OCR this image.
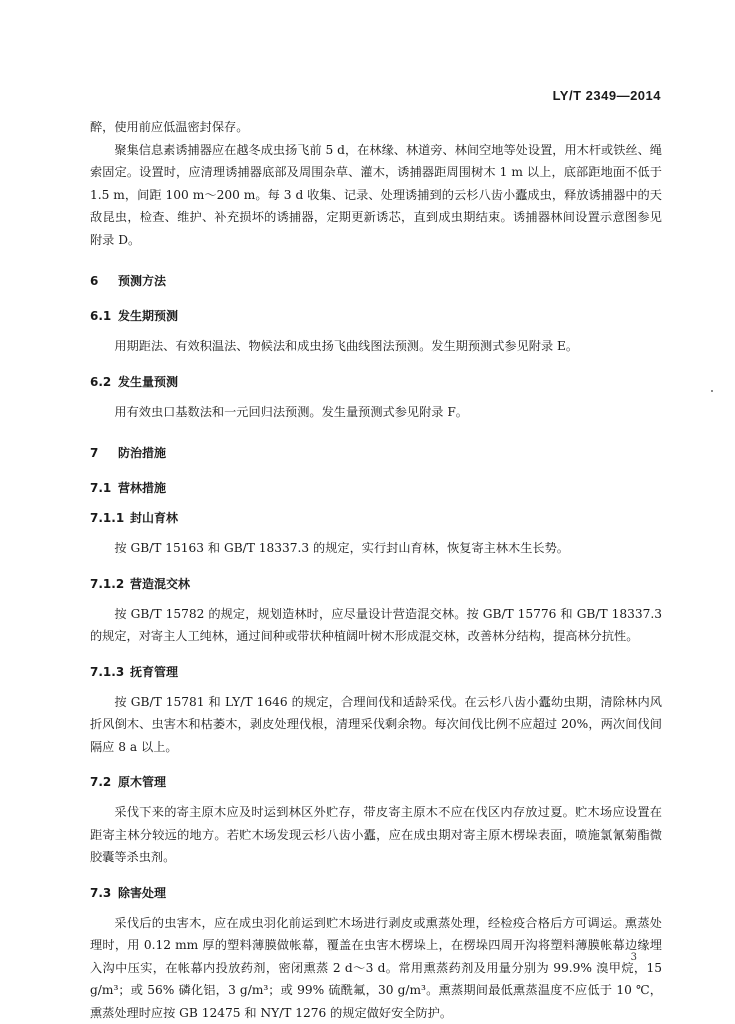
LY/T 2349—2014

醉，使用前应低温密封保存。

聚集信息素诱捕器应在越冬成虫扬飞前 5 d，在林缘、林道旁、林间空地等处设置，用木杆或铁丝、绳索固定。设置时，应清理诱捕器底部及周围杂草、灌木，诱捕器距周围树木 1 m 以上，底部距地面不低于 1.5 m，间距 100 m～200 m。每 3 d 收集、记录、处理诱捕到的云杉八齿小蠹成虫，释放诱捕器中的天敌昆虫，检查、维护、补充损坏的诱捕器，定期更新诱芯，直到成虫期结束。诱捕器林间设置示意图参见附录 D。

6 预测方法
6.1 发生期预测

用期距法、有效积温法、物候法和成虫扬飞曲线图法预测。发生期预测式参见附录 E。

6.2 发生量预测

用有效虫口基数法和一元回归法预测。发生量预测式参见附录 F。

7 防治措施
7.1 营林措施
7.1.1 封山育林

按 GB/T 15163 和 GB/T 18337.3 的规定，实行封山育林，恢复寄主林木生长势。

7.1.2 营造混交林

按 GB/T 15782 的规定，规划造林时，应尽量设计营造混交林。按 GB/T 15776 和 GB/T 18337.3 的规定，对寄主人工纯林，通过间种或带状种植阔叶树木形成混交林，改善林分结构，提高林分抗性。

7.1.3 抚育管理

按 GB/T 15781 和 LY/T 1646 的规定，合理间伐和适龄采伐。在云杉八齿小蠹幼虫期，清除林内风折风倒木、虫害木和枯萎木，剥皮处理伐根，清理采伐剩余物。每次间伐比例不应超过 20%，两次间伐间隔应 8 a 以上。

7.2 原木管理

采伐下来的寄主原木应及时运到林区外贮存，带皮寄主原木不应在伐区内存放过夏。贮木场应设置在距寄主林分较远的地方。若贮木场发现云杉八齿小蠹，应在成虫期对寄主原木楞垛表面，喷施氯氰菊酯微胶囊等杀虫剂。

7.3 除害处理

采伐后的虫害木，应在成虫羽化前运到贮木场进行剥皮或熏蒸处理，经检疫合格后方可调运。熏蒸处理时，用 0.12 mm 厚的塑料薄膜做帐幕，覆盖在虫害木楞垛上，在楞垛四周开沟将塑料薄膜帐幕边缘埋入沟中压实，在帐幕内投放药剂，密闭熏蒸 2 d～3 d。常用熏蒸药剂及用量分别为 99.9% 溴甲烷，15 g/m³；或 56% 磷化铝，3 g/m³；或 99% 硫酰氟，30 g/m³。熏蒸期间最低熏蒸温度不应低于 10 ℃，熏蒸处理时应按 GB 12475 和 NY/T 1276 的规定做好安全防护。

3
